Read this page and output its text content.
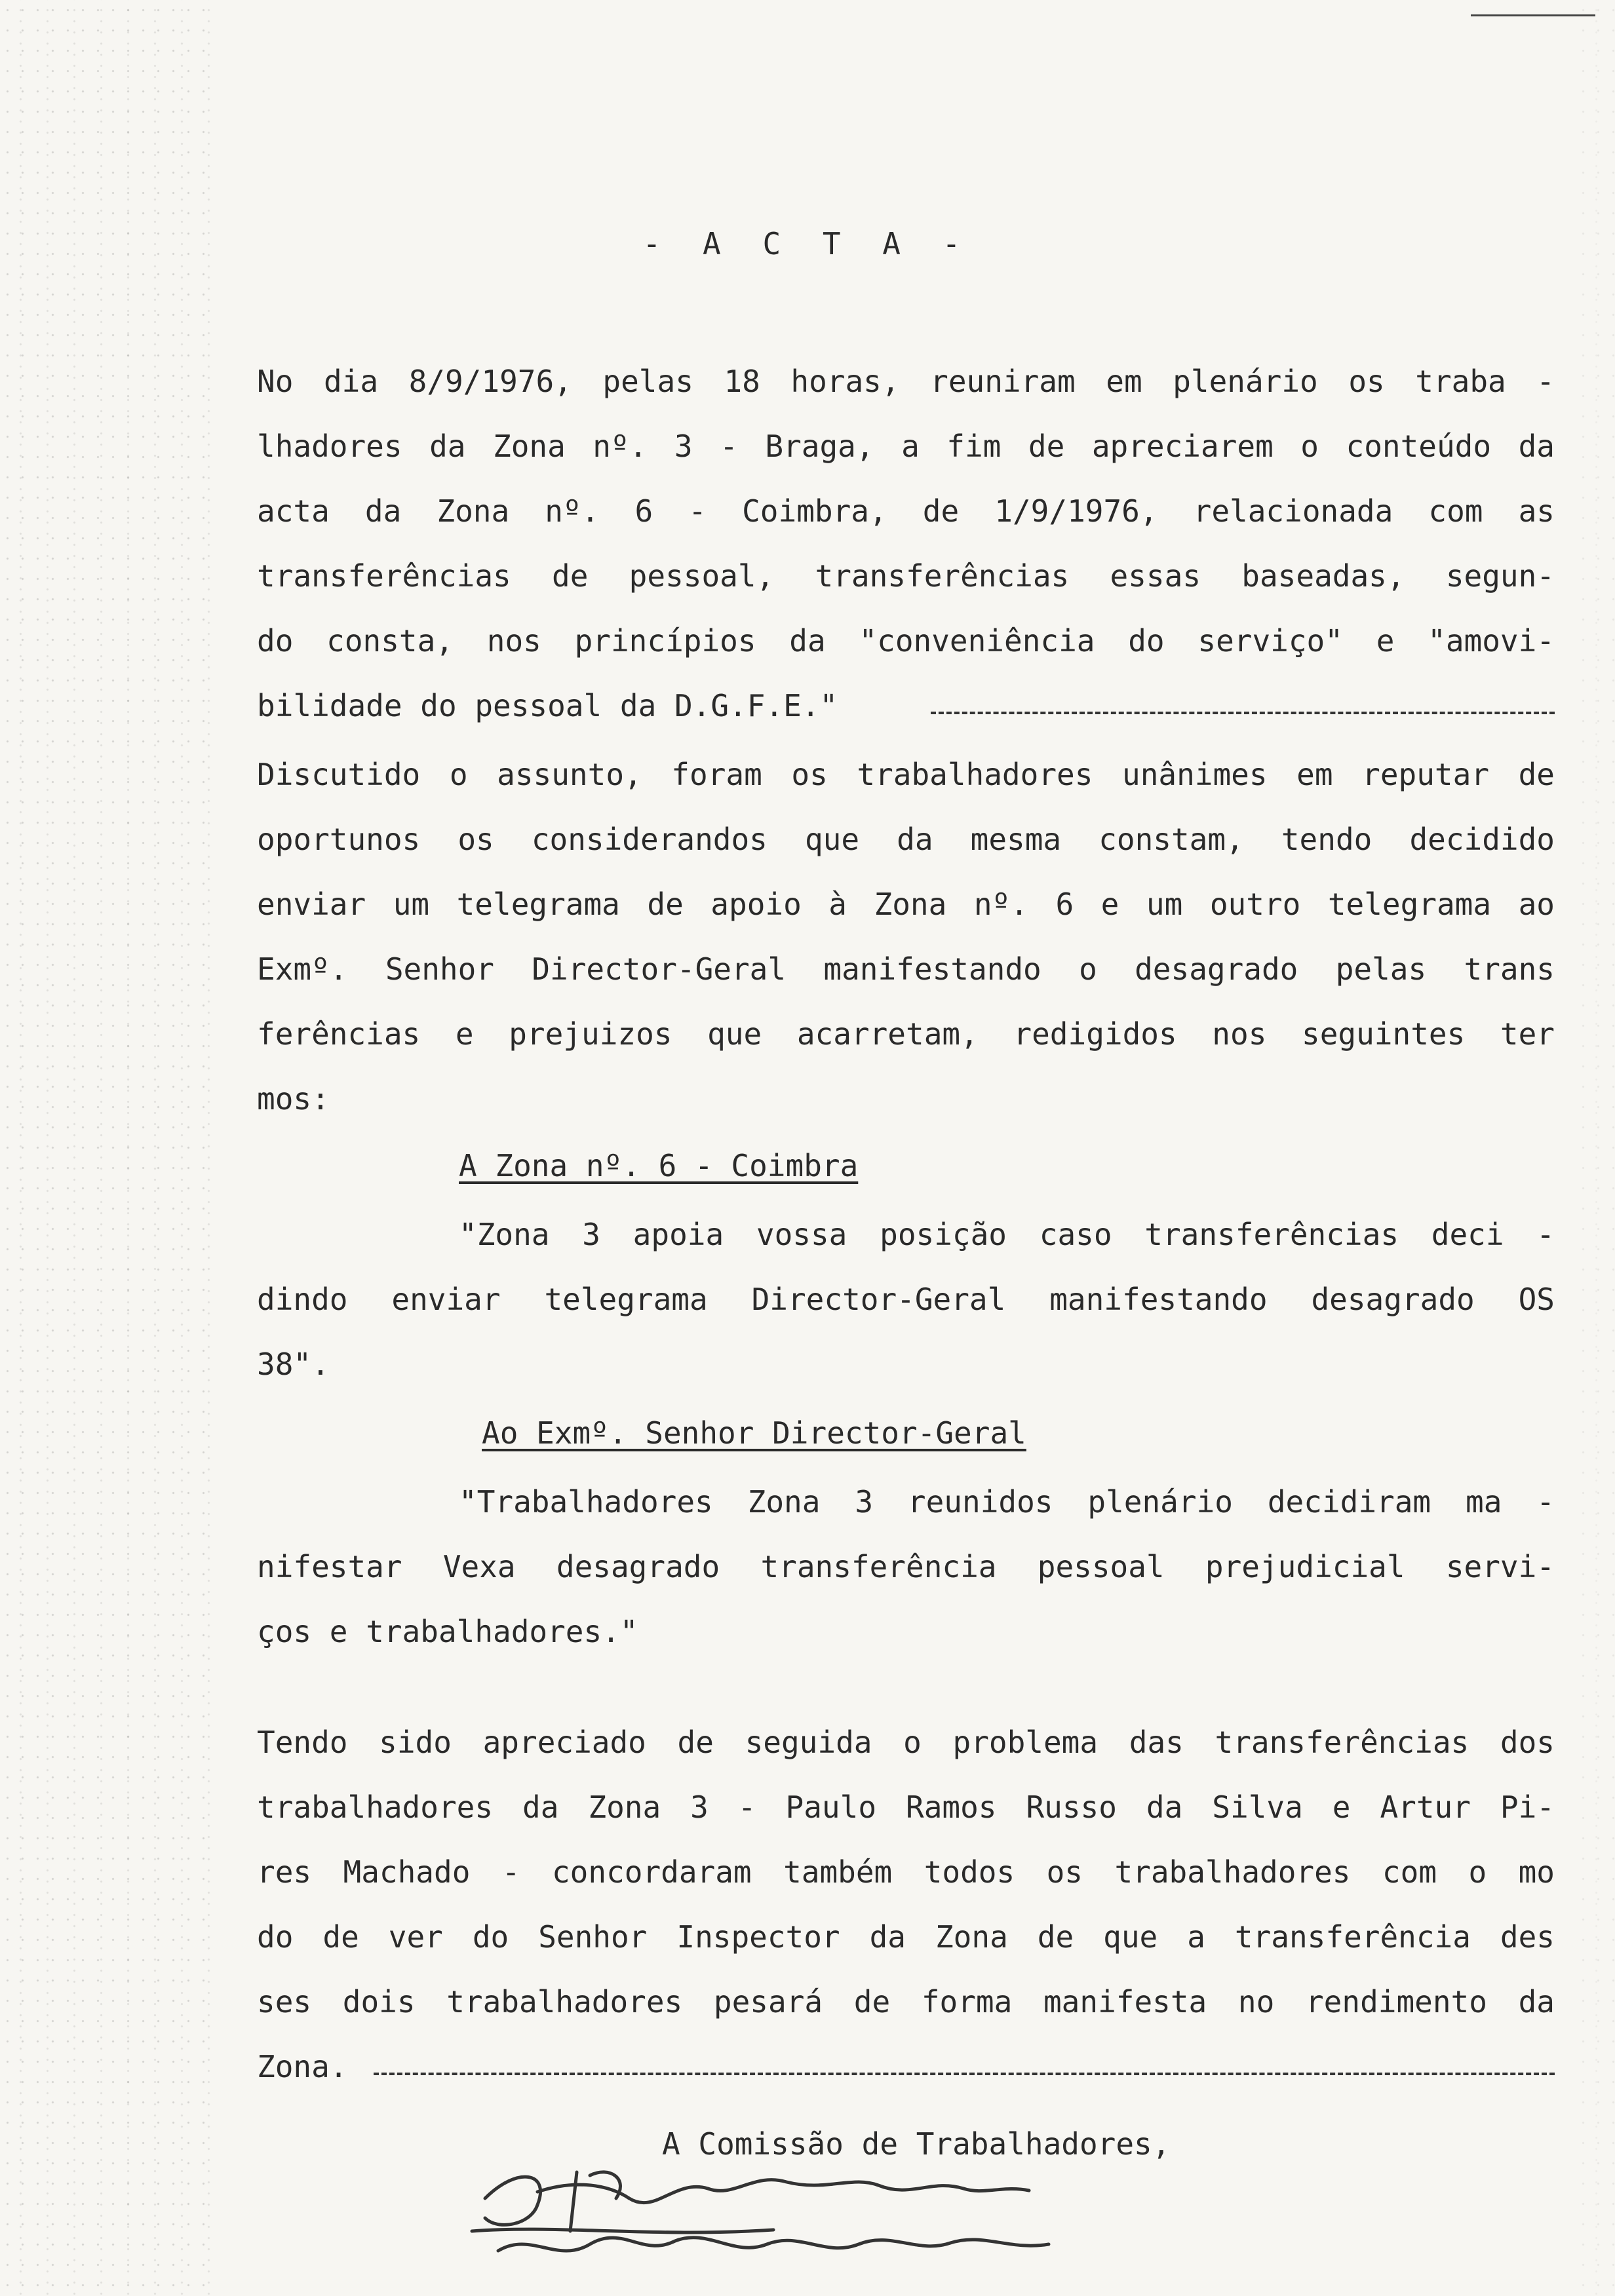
- A C T A -
No dia 8/9/1976, pelas 18 horas, reuniram em plenário os traba -
lhadores da Zona nº. 3 - Braga, a fim de apreciarem o conteúdo da
acta da Zona nº. 6 - Coimbra, de 1/9/1976, relacionada com as
transferências de pessoal, transferências essas baseadas, segun-
do consta, nos princípios da "conveniência do serviço" e "amovi-
bilidade do pessoal da D.G.F.E."
Discutido o assunto, foram os trabalhadores unânimes em reputar de
oportunos os considerandos que da mesma constam, tendo decidido
enviar um telegrama de apoio à Zona nº. 6 e um outro telegrama ao
Exmº. Senhor Director-Geral manifestando o desagrado pelas trans
ferências e prejuizos que acarretam, redigidos nos seguintes ter
mos:
A Zona nº. 6 - Coimbra
"Zona 3 apoia vossa posição caso transferências deci -
dindo enviar telegrama Director-Geral manifestando desagrado OS
38".
Ao Exmº. Senhor Director-Geral
"Trabalhadores Zona 3 reunidos plenário decidiram ma -
nifestar Vexa desagrado transferência pessoal prejudicial servi-
ços e trabalhadores."
Tendo sido apreciado de seguida o problema das transferências dos
trabalhadores da Zona 3 - Paulo Ramos Russo da Silva e Artur Pi-
res Machado - concordaram também todos os trabalhadores com o mo
do de ver do Senhor Inspector da Zona de que a transferência des
ses dois trabalhadores pesará de forma manifesta no rendimento da
Zona.
A Comissão de Trabalhadores,
